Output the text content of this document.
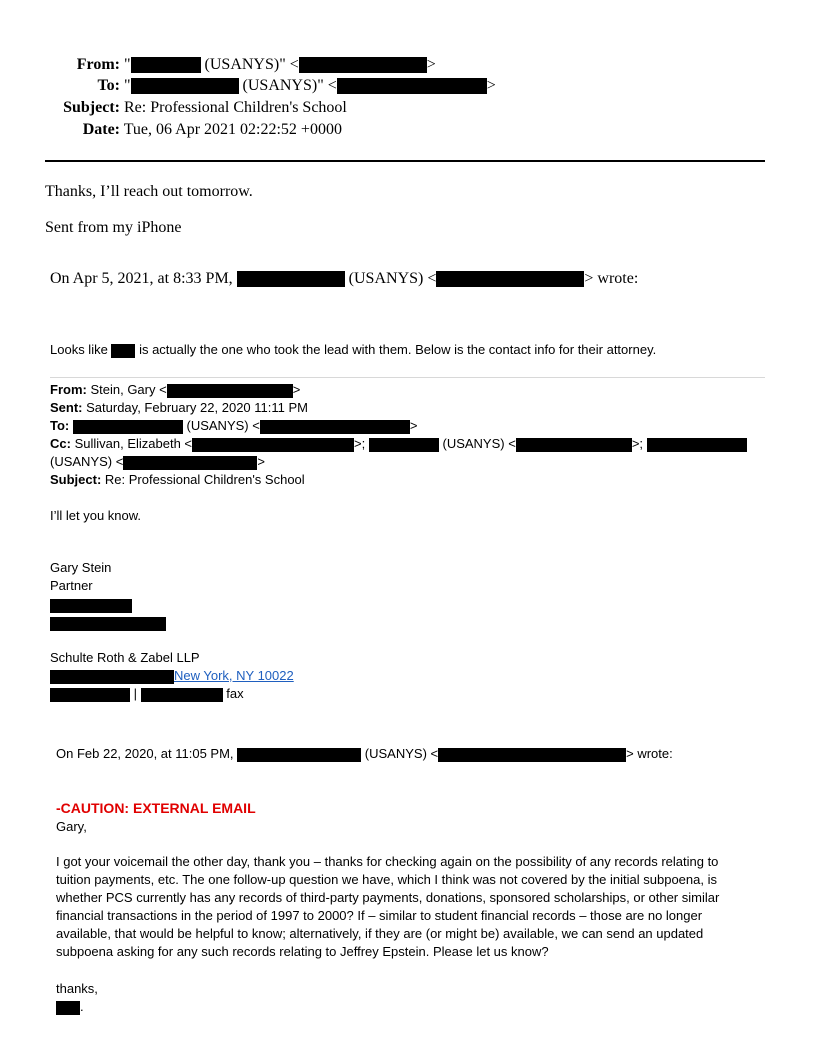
From: "	(USANYS)" <	>
To: "	(USANYS)" <	>
Subject: Re: Professional Children's School
Date: Tue, 06 Apr 2021 02:22:52 +0000
Thanks, I’ll reach out tomorrow.
Sent from my iPhone
On Apr 5, 2021, at 8:33 PM,	(USANYS) <	> wrote:
Looks like is actually the one who took the lead with them. Below is the contact info for their attorney.
From: Stein, Gary <	>
Sent: Saturday, February 22, 2020 11:11 PM
To:	(USANYS) <	>
Cc: Sullivan, Elizabeth <	>;	(USANYS) <	>;
(USANYS) <	>
Subject: Re: Professional Children's School
I’ll let you know.
Gary Stein
Partner
Schulte Roth & Zabel LLP
New York, NY 10022
|	fax
On Feb 22, 2020, at 11:05 PM,	(USANYS) <	> wrote:
-CAUTION: EXTERNAL EMAIL
Gary,
I got your voicemail the other day, thank you – thanks for checking again on the possibility of any records relating to
tuition payments, etc. The one follow-up question we have, which I think was not covered by the initial subpoena, is
whether PCS currently has any records of third-party payments, donations, sponsored scholarships, or other similar
financial transactions in the period of 1997 to 2000? If – similar to student financial records – those are no longer
available, that would be helpful to know; alternatively, if they are (or might be) available, we can send an updated
subpoena asking for any such records relating to Jeffrey Epstein. Please let us know?
thanks,
.
